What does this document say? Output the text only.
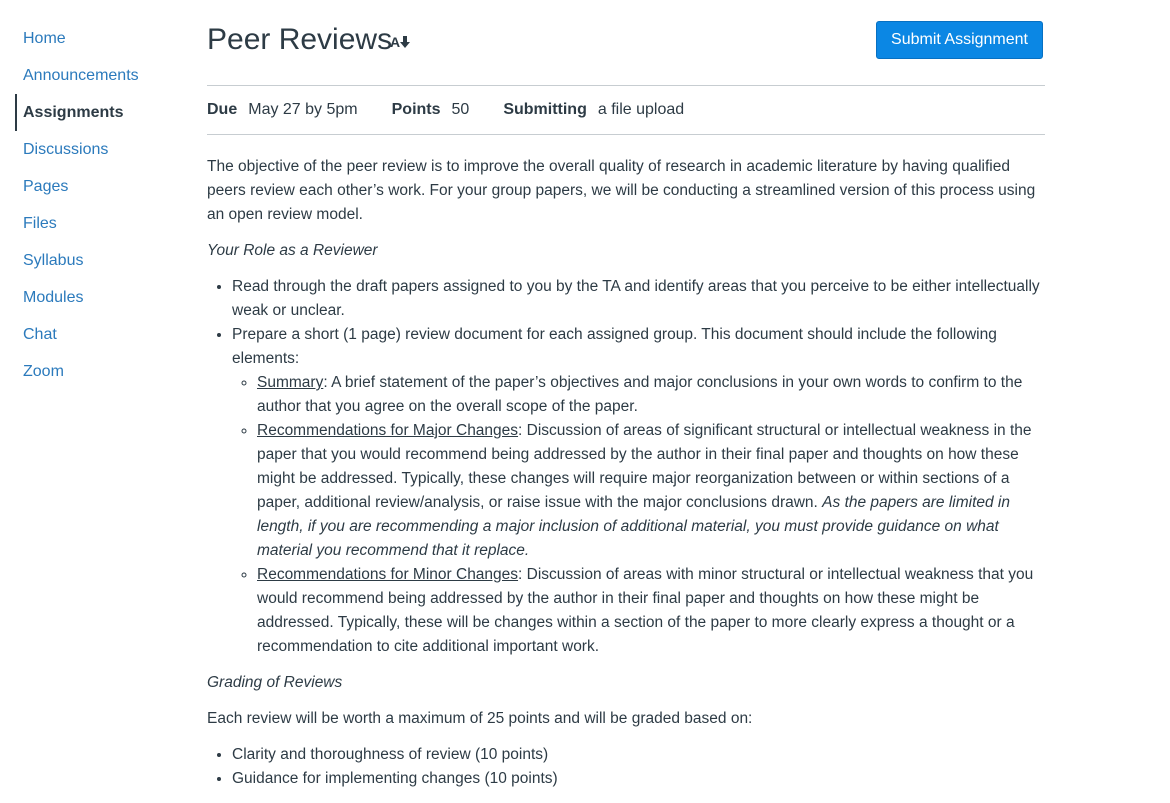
Home
Announcements
Assignments
Discussions
Pages
Files
Syllabus
Modules
Chat
Zoom
Peer Reviews
A	Submit Assignment
Due May 27 by 5pm Points 50 Submitting a file upload

The objective of the peer review is to improve the overall quality of research in academic literature by having qualified peers review each other’s work. For your group papers, we will be conducting a streamlined version of this process using an open review model.

Your Role as a Reviewer

• Read through the draft papers assigned to you by the TA and identify areas that you perceive to be either intellectually weak or unclear.
• Prepare a short (1 page) review document for each assigned group. This document should include the following elements:
◦ Summary: A brief statement of the paper’s objectives and major conclusions in your own words to confirm to the author that you agree on the overall scope of the paper.
◦ Recommendations for Major Changes: Discussion of areas of significant structural or intellectual weakness in the paper that you would recommend being addressed by the author in their final paper and thoughts on how these might be addressed. Typically, these changes will require major reorganization between or within sections of a paper, additional review/analysis, or raise issue with the major conclusions drawn. As the papers are limited in length, if you are recommending a major inclusion of additional material, you must provide guidance on what material you recommend that it replace.
◦ Recommendations for Minor Changes: Discussion of areas with minor structural or intellectual weakness that you would recommend being addressed by the author in their final paper and thoughts on how these might be addressed. Typically, these will be changes within a section of the paper to more clearly express a thought or a recommendation to cite additional important work.

Grading of Reviews

Each review will be worth a maximum of 25 points and will be graded based on:

• Clarity and thoroughness of review (10 points)
• Guidance for implementing changes (10 points)
